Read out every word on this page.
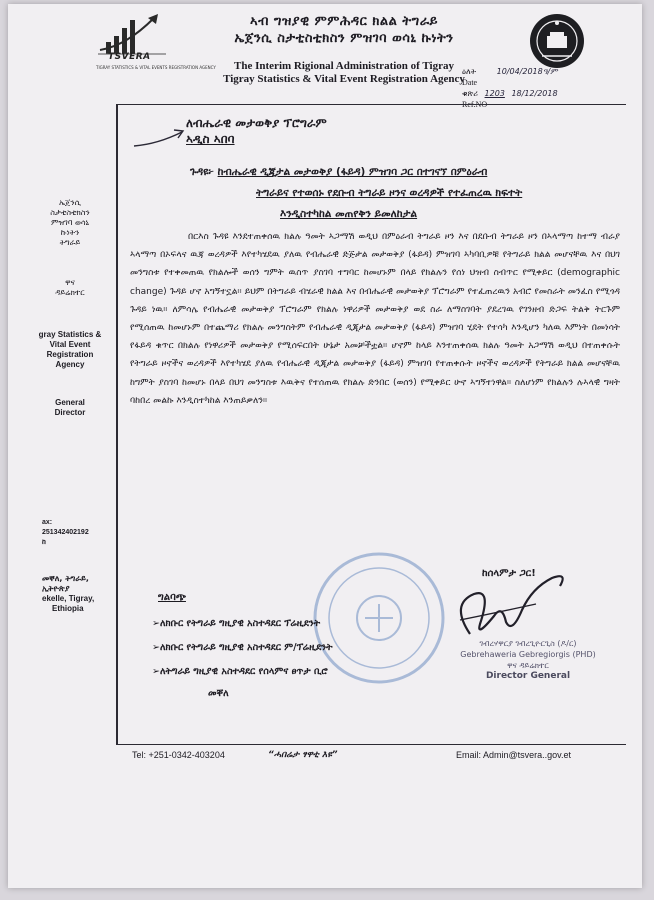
TSVERA
TIGRAY STATISTICS & VITAL EVENTS REGISTRATION AGENCY
ኣብ ግዝያዊ ምምሕዳር ክልል ትግራይ
ኤጀንሲ ስታቲስቲክስን ምዝገባ ወሳኒ ኩነትን
The Interim Rigional Administration of Tigray
Tigray Statistics & Vital Event Registration Agency
ዕለት	10/04/2018ዓ/ም
Date
ቁጽሪ 1203 18/12/2018
ኤጀንሲ
ስታቲስቲክስን
ምዝገባ ወሳኒ
ኩነትን
ትግራይ
ዋና
ዳይሬክተር
gray Statistics &
Vital Event
Registration
Agency
General
Director
ax:
251342402192
ከ
መቐለ, ትግራይ,
ኢትዮጵያ
ekelle, Tigray,
Ethiopia
ለብሔራዊ መታወቅያ ፕሮግራም
ኣዲስ ኣበባ
ጉዳዩ፦ ከብሔራዊ ዲጂታል መታወቅያ (ፋይዳ) ምዝገባ ጋር በተገናኘ በምዕራብ
ትግራይና የተወሰኑ የደቡብ ትግራይ ዞንና ወረዳዎች የተፈጠረዉ ክፍተት
እንዲስተካከል መጠየቅን ይመለከታል
በርእስ ጉዳዩ እንደተጠቀሰዉ ክልሉ ዓመት ኣጋማሽ ወዲህ በምዕራብ ትግራይ ዞን እና በደቡብ ትግራይ ዞን በኣላማጣ ከተማ ብራያ ኣላማጣ በኦፍላና ዉጃ ወረዳዎች እየተካሄደዉ ያለዉ የብሔራዊ ድጅታል መታወቅያ (ፋይዳ) ምዝገባ ኣካባቢዎቹ የትግራይ ክልል መሆናቸዉ እና በህገ መንግስቱ የተቀመጠዉ የክልሎች ወሰን ግምት ዉስጥ ያስገባ ተግባር ከመሆኑም በላይ የክልሉን የሰነ ህዝብ ስብጥር የሚቀይር (demographic change) ጉዳይ ሆኖ አግኝተኗል። ይህም በትግራይ ብሄራዊ ክልል እና በብሔራዊ መታወቅያ ፕሮግራም የተፈጠረዉን አብሮ የመስራት መንፈስ የሚጎዳ ጉዳይ ነዉ። ለምሳሌ የብሔራዊ መታወቅያ ፕሮግራም የክልሉ ነዋሪዎች መታወቅያ ወደ ስራ ለማስገባት ያደረገዉ የገንዘብ ድጋፍ ትልቅ ትርጉም የሚሰጠዉ ከመሆኑም በተጨማሪ የክልሉ መንግስትም የብሔራዊ ዲጂታል መታወቅያ (ፋይዳ) ምዝገባ ሂደት የተሳካ እንዲሆን ካለዉ እምነት በመነሳት የፋይዳ ቁጥር በክልሉ የነዋሪዎች መታወቅያ የሚሰፍርበት ሁኔታ አመቻችቷል። ሆኖም ከላይ እንተጠቀሰዉ ክልሉ ዓመት አጋማሽ ወዲህ በተጠቀሱት የትግራይ ዞኖችና ወረዳዎች እየተካሄደ ያለዉ የብሔራዊ ዲጂታል መታወቅያ (ፋይዳ) ምዝገባ የተጠቀሱት ዞኖችና ወረዳዎች የትግራይ ክልል መሆናቸዉ ከግምት ያስገባ ከመሆኑ በላይ በህገ መንግስቱ እዉቅና የተሰጠዉ የክልሉ ድንበር (ወሰን) የሚቀይር ሁኖ ኣግኝተነዋል። ስለሆነም የክልሉን ሉኣላዊ ግዛት ባከበረ መልኩ እንዲስተካከል እንጠይቃለን።
ከሰላምታ ጋር!
ገብረሃዋርያ ገብረጊዮርጊስ (ዶ/ር)
Gebrehaweria Gebregiorgis (PHD)
ዋና ዳይሬክተር
Director General
ግልባጭ
➢ለክቡር የትግራይ ግዚያዊ አስተዳደር ፕሬዚደንት
➢ለክቡር የትግራይ ግዚያዊ አስተዳደር ም/ፕሬዚደንት
➢ለትግራይ ግዚያዊ አስተዳደር የሰላምና ፀጥታ ቢሮ
መቐለ
Tel: +251-0342-403204	“ሓበሬታ ፃዋቲ እዩ”	Email: Admin@tsvera..gov.et
